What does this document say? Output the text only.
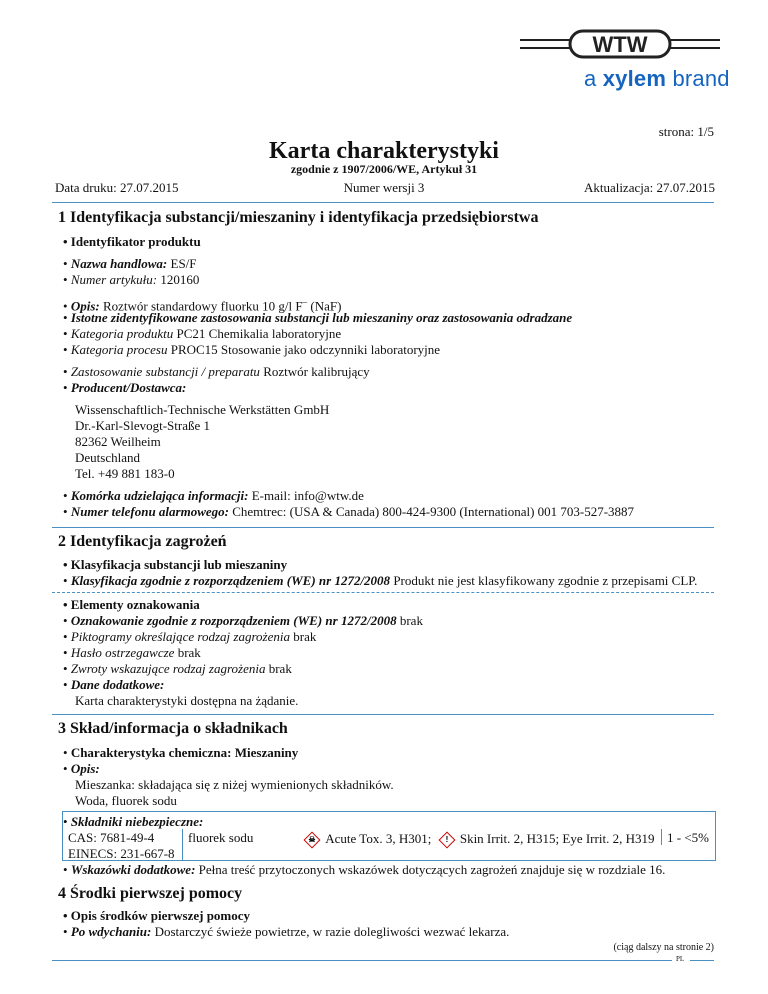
WTW
a xylem brand
strona: 1/5
Karta charakterystyki
zgodnie z 1907/2006/WE, Artykuł 31
Data druku: 27.07.2015	Numer wersji 3	Aktualizacja: 27.07.2015
1 Identyfikacja substancji/mieszaniny i identyfikacja przedsiębiorstwa
• Identyfikator produktu
• Nazwa handlowa: ES/F
• Numer artykułu: 120160
• Opis: Roztwór standardowy fluorku 10 g/l F– (NaF)
• Istotne zidentyfikowane zastosowania substancji lub mieszaniny oraz zastosowania odradzane
• Kategoria produktu PC21 Chemikalia laboratoryjne
• Kategoria procesu PROC15 Stosowanie jako odczynniki laboratoryjne
• Zastosowanie substancji / preparatu Roztwór kalibrujący
• Producent/Dostawca:
Wissenschaftlich-Technische Werkstätten GmbH
Dr.-Karl-Slevogt-Straße 1
82362 Weilheim
Deutschland
Tel. +49 881 183-0
• Komórka udzielająca informacji: E-mail: info@wtw.de
• Numer telefonu alarmowego: Chemtrec: (USA & Canada) 800-424-9300 (International) 001 703-527-3887
2 Identyfikacja zagrożeń
• Klasyfikacja substancji lub mieszaniny
• Klasyfikacja zgodnie z rozporządzeniem (WE) nr 1272/2008 Produkt nie jest klasyfikowany zgodnie z przepisami CLP.
• Elementy oznakowania
• Oznakowanie zgodnie z rozporządzeniem (WE) nr 1272/2008 brak
• Piktogramy określające rodzaj zagrożenia brak
• Hasło ostrzegawcze brak
• Zwroty wskazujące rodzaj zagrożenia brak
• Dane dodatkowe:
Karta charakterystyki dostępna na żądanie.
3 Skład/informacja o składnikach
• Charakterystyka chemiczna: Mieszaniny
• Opis:
Mieszanka: składająca się z niżej wymienionych składników.
Woda, fluorek sodu
• Składniki niebezpieczne:
CAS: 7681-49-4
EINECS: 231-667-8
fluorek sodu	☠ Acute Tox. 3, H301;	! Skin Irrit. 2, H315; Eye Irrit. 2, H319 1 - <5%
• Wskazówki dodatkowe: Pełna treść przytoczonych wskazówek dotyczących zagrożeń znajduje się w rozdziale 16.
4 Środki pierwszej pomocy
• Opis środków pierwszej pomocy
• Po wdychaniu: Dostarczyć świeże powietrze, w razie dolegliwości wezwać lekarza.
(ciąg dalszy na stronie 2)
PL
